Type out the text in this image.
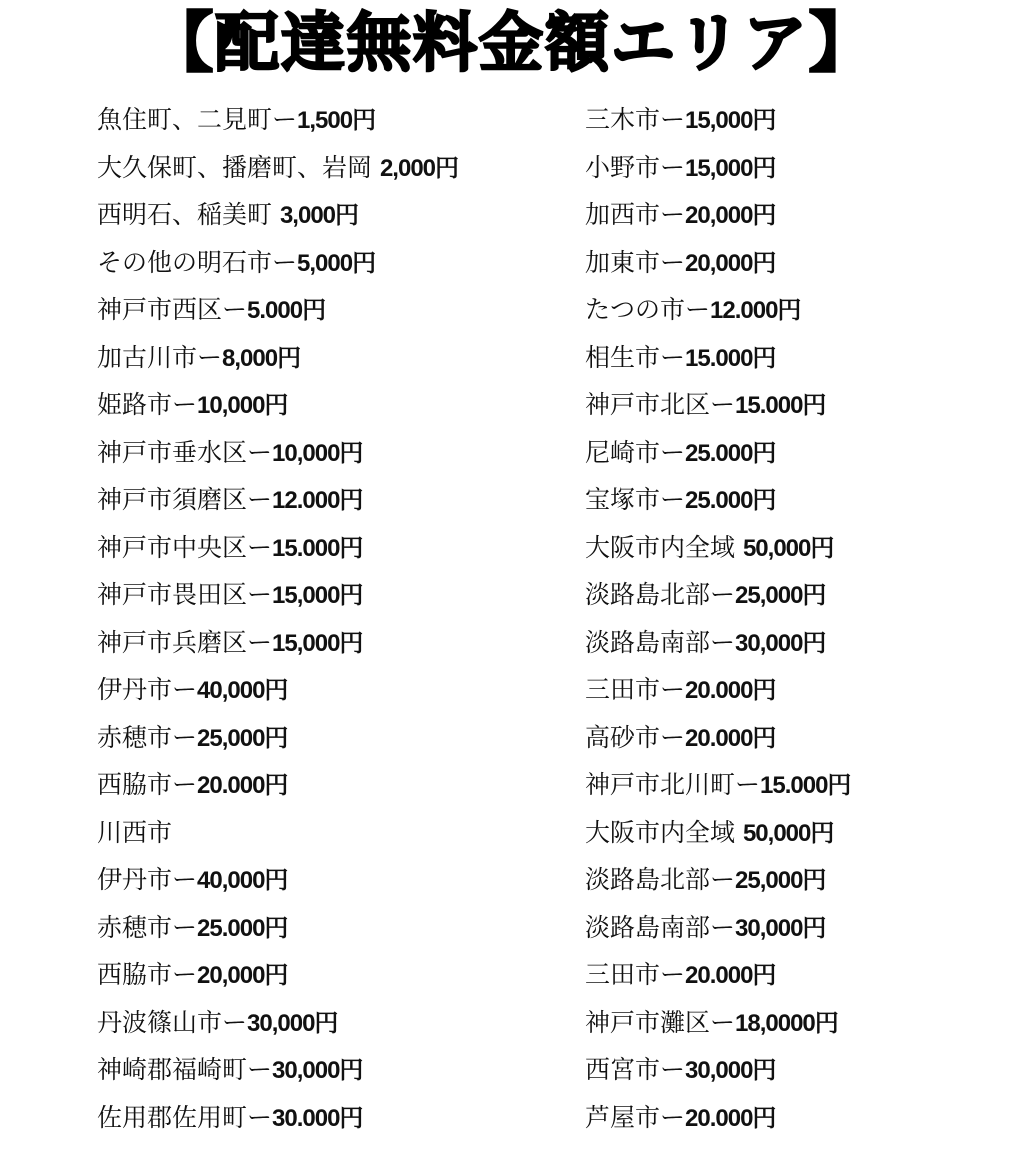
【配達無料金額エリア】
魚住町、二見町ー1,500円
大久保町、播磨町、岩岡 2,000円
西明石、稲美町 3,000円
その他の明石市ー5,000円
神戸市西区ー5.000円
加古川市ー8,000円
姫路市ー10,000円
神戸市垂水区ー10,000円
神戸市須磨区ー12.000円
神戸市中央区ー15.000円
神戸市畏田区ー15,000円
神戸市兵磨区ー15,000円
伊丹市ー40,000円
赤穂市ー25,000円
西脇市ー20.000円
川西市
伊丹市ー40,000円
赤穂市ー25.000円
西脇市ー20,000円
丹波篠山市ー30,000円
神崎郡福崎町ー30,000円
佐用郡佐用町ー30.000円
三木市ー15,000円
小野市ー15,000円
加西市ー20,000円
加東市ー20,000円
たつの市ー12.000円
相生市ー15.000円
神戸市北区ー15.000円
尼崎市ー25.000円
宝塚市ー25.000円
大阪市内全域 50,000円
淡路島北部ー25,000円
淡路島南部ー30,000円
三田市ー20.000円
高砂市ー20.000円
神戸市北川町ー15.000円
大阪市内全域 50,000円
淡路島北部ー25,000円
淡路島南部ー30,000円
三田市ー20.000円
神戸市灘区ー18,0000円
西宮市ー30,000円
芦屋市ー20.000円
